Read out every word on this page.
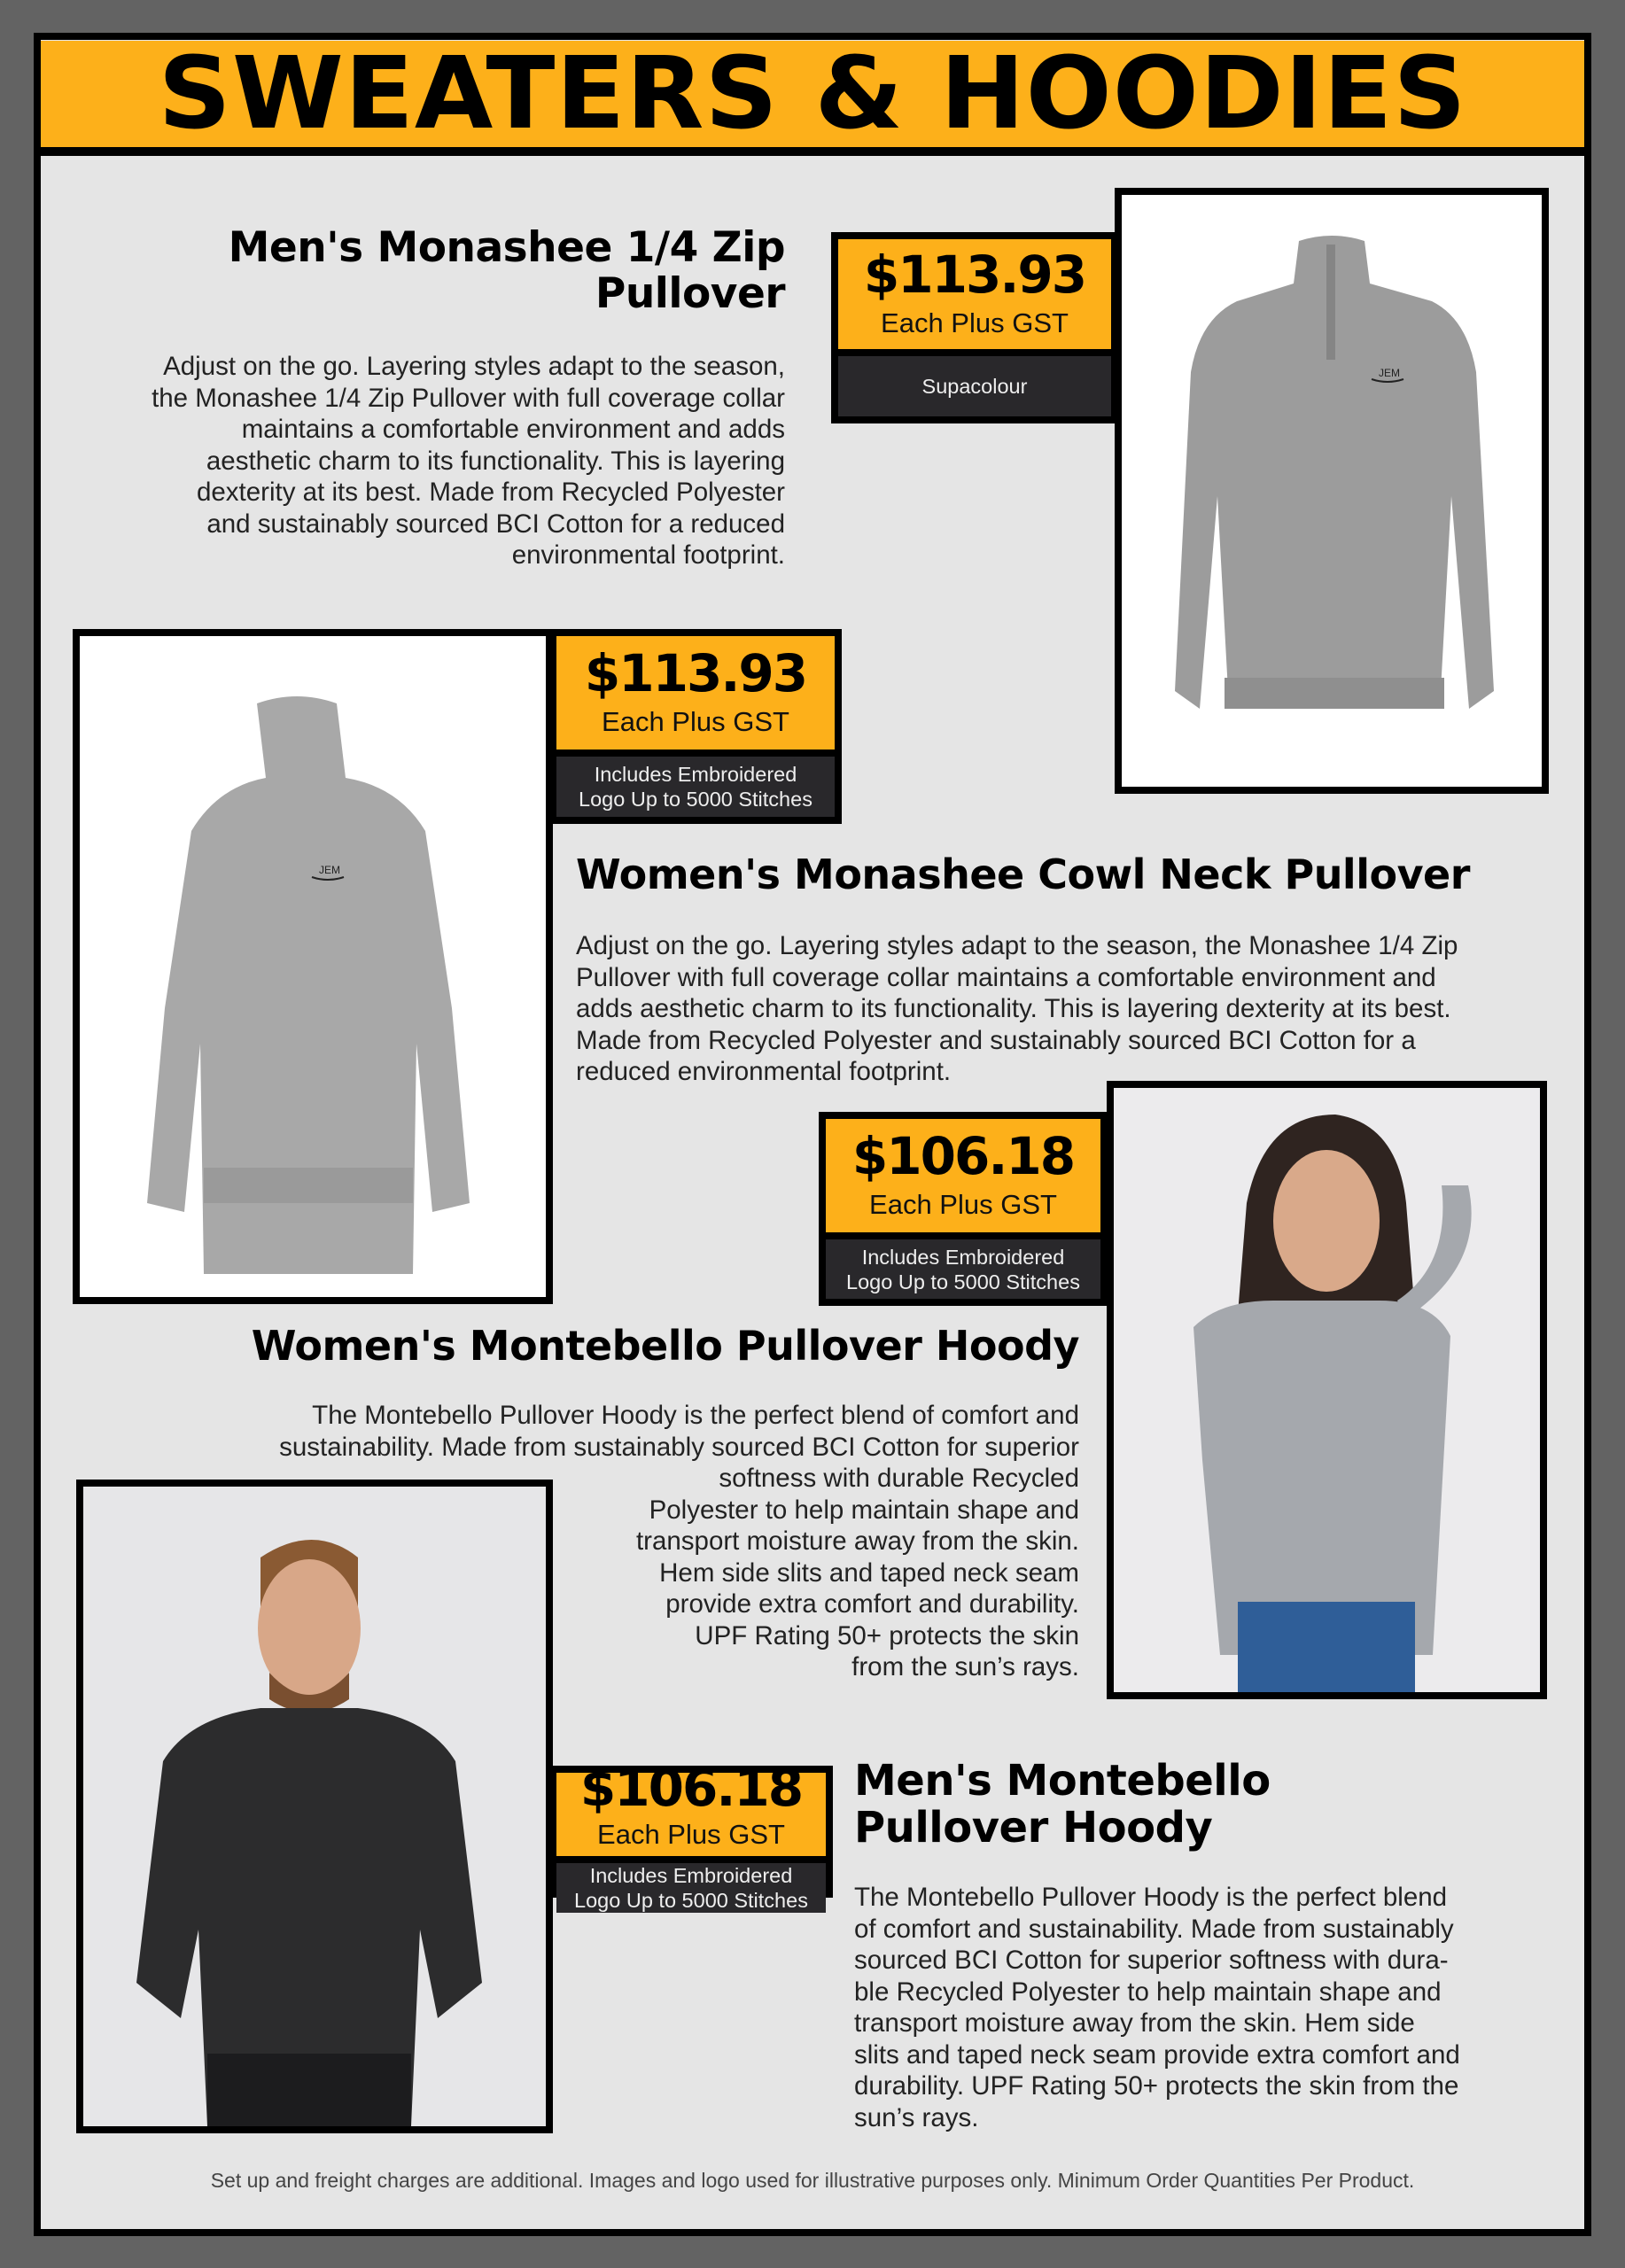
SWEATERS & HOODIES
Men's Monashee 1/4 Zip
Pullover
Adjust on the go. Layering styles adapt to the season,
the Monashee 1/4 Zip Pullover with full coverage collar
maintains a comfortable environment and adds
aesthetic charm to its functionality. This is layering
dexterity at its best. Made from Recycled Polyester
and sustainably sourced BCI Cotton for a reduced
environmental footprint.
$113.93
Each Plus GST
Supacolour
JEM
JEM
$113.93
Each Plus GST
Includes Embroidered
Logo Up to 5000 Stitches
Women's Monashee Cowl Neck Pullover
Adjust on the go. Layering styles adapt to the season, the Monashee 1/4 Zip
Pullover with full coverage collar maintains a comfortable environment and
adds aesthetic charm to its functionality. This is layering dexterity at its best.
Made from Recycled Polyester and sustainably sourced BCI Cotton for a
reduced environmental footprint.
$106.18
Each Plus GST
Includes Embroidered
Logo Up to 5000 Stitches
Women's Montebello Pullover Hoody
The Montebello Pullover Hoody is the perfect blend of comfort and
sustainability. Made from sustainably sourced BCI Cotton for superior
softness with durable Recycled
Polyester to help maintain shape and
transport moisture away from the skin.
Hem side slits and taped neck seam
provide extra comfort and durability.
UPF Rating 50+ protects the skin
from the sun’s rays.
$106.18
Each Plus GST
Includes Embroidered
Logo Up to 5000 Stitches
Men's Montebello
Pullover Hoody
The Montebello Pullover Hoody is the perfect blend
of comfort and sustainability. Made from sustainably
sourced BCI Cotton for superior softness with dura-
ble Recycled Polyester to help maintain shape and
transport moisture away from the skin. Hem side
slits and taped neck seam provide extra comfort and
durability. UPF Rating 50+ protects the skin from the
sun’s rays.
Set up and freight charges are additional. Images and logo used for illustrative purposes only. Minimum Order Quantities Per Product.
